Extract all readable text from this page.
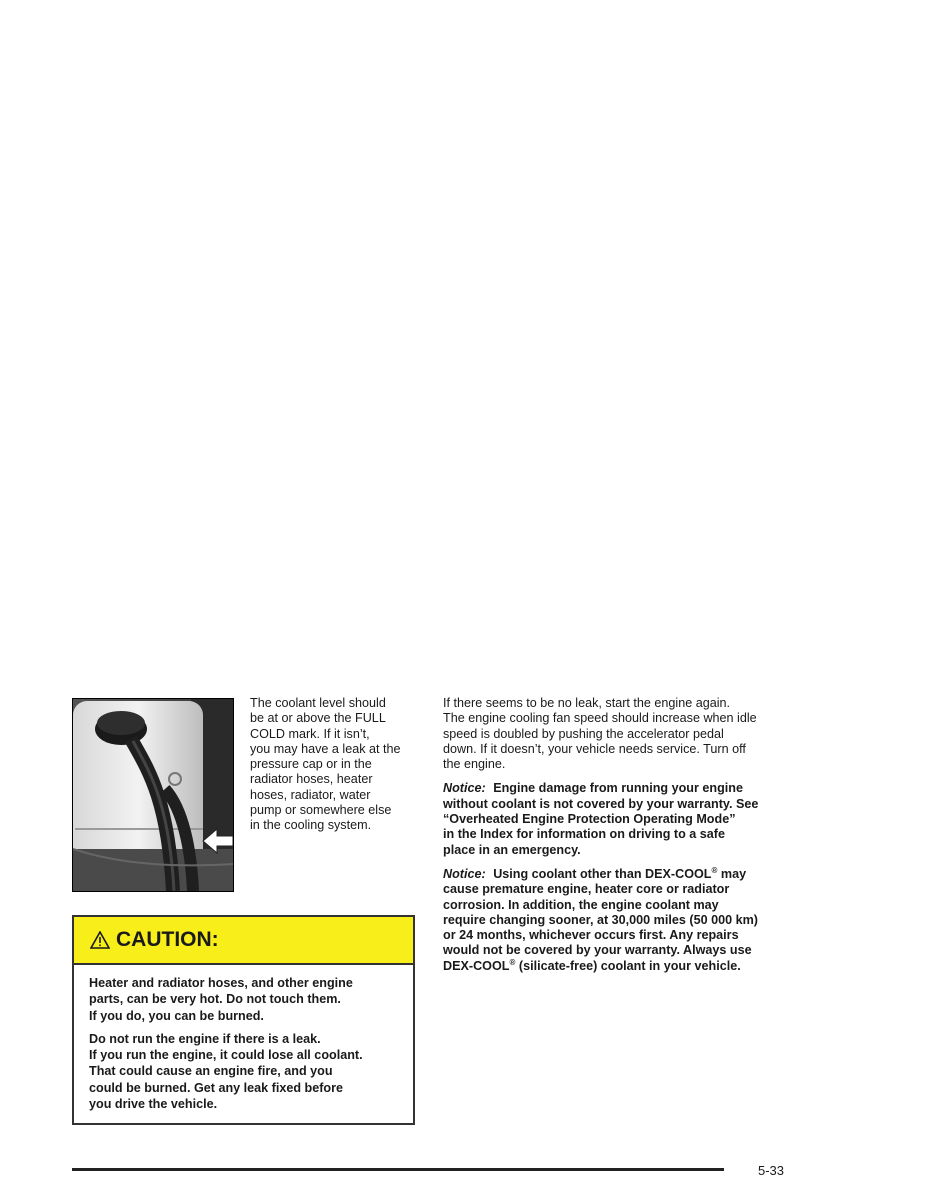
The coolant level should

be at or above the FULL

COLD mark. If it isn’t,

you may have a leak at the

pressure cap or in the

radiator hoses, heater

hoses, radiator, water

pump or somewhere else

in the cooling system.

If there seems to be no leak, start the engine again.
The engine cooling fan speed should increase when idle
speed is doubled by pushing the accelerator pedal
down. If it doesn’t, your vehicle needs service. Turn off
the engine.

Notice: Engine damage from running your engine
without coolant is not covered by your warranty. See
“Overheated Engine Protection Operating Mode”
in the Index for information on driving to a safe
place in an emergency.

Notice: Using coolant other than DEX-COOL® may
cause premature engine, heater core or radiator
corrosion. In addition, the engine coolant may
require changing sooner, at 30,000 miles (50 000 km)
or 24 months, whichever occurs first. Any repairs
would not be covered by your warranty. Always use
DEX-COOL® (silicate-free) coolant in your vehicle.

CAUTION:

Heater and radiator hoses, and other engine
parts, can be very hot. Do not touch them.
If you do, you can be burned.

Do not run the engine if there is a leak.
If you run the engine, it could lose all coolant.
That could cause an engine fire, and you
could be burned. Get any leak fixed before
you drive the vehicle.

5-33
